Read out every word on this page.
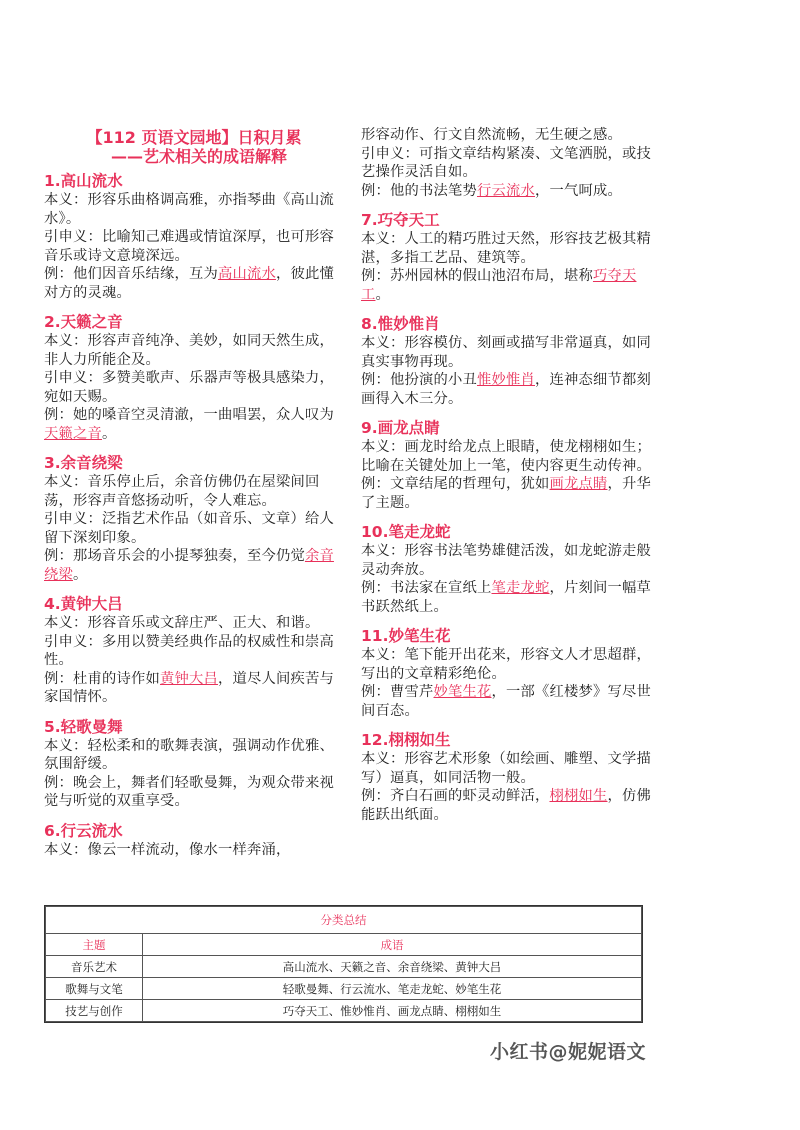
【112 页语文园地】日积月累
——艺术相关的成语解释
1.高山流水
本义：形容乐曲格调高雅，亦指琴曲《高山流水》。
引申义：比喻知己难遇或情谊深厚，也可形容音乐或诗文意境深远。
例：他们因音乐结缘，互为高山流水，彼此懂对方的灵魂。
2.天籁之音
本义：形容声音纯净、美妙，如同天然生成，非人力所能企及。
引申义：多赞美歌声、乐器声等极具感染力，宛如天赐。
例：她的嗓音空灵清澈，一曲唱罢，众人叹为天籁之音。
3.余音绕梁
本义：音乐停止后，余音仿佛仍在屋梁间回荡，形容声音悠扬动听，令人难忘。
引申义：泛指艺术作品（如音乐、文章）给人留下深刻印象。
例：那场音乐会的小提琴独奏，至今仍觉余音绕梁。
4.黄钟大吕
本义：形容音乐或文辞庄严、正大、和谐。
引申义：多用以赞美经典作品的权威性和崇高性。
例：杜甫的诗作如黄钟大吕，道尽人间疾苦与家国情怀。
5.轻歌曼舞
本义：轻松柔和的歌舞表演，强调动作优雅、氛围舒缓。
例：晚会上，舞者们轻歌曼舞，为观众带来视觉与听觉的双重享受。
6.行云流水
本义：像云一样流动，像水一样奔涌，
形容动作、行文自然流畅，无生硬之感。
引申义：可指文章结构紧凑、文笔洒脱，或技艺操作灵活自如。
例：他的书法笔势行云流水，一气呵成。
7.巧夺天工
本义：人工的精巧胜过天然，形容技艺极其精湛，多指工艺品、建筑等。
例：苏州园林的假山池沼布局，堪称巧夺天工。
8.惟妙惟肖
本义：形容模仿、刻画或描写非常逼真，如同真实事物再现。
例：他扮演的小丑惟妙惟肖，连神态细节都刻画得入木三分。
9.画龙点睛
本义：画龙时给龙点上眼睛，使龙栩栩如生；比喻在关键处加上一笔，使内容更生动传神。
例：文章结尾的哲理句，犹如画龙点睛，升华了主题。
10.笔走龙蛇
本义：形容书法笔势雄健活泼，如龙蛇游走般灵动奔放。
例：书法家在宣纸上笔走龙蛇，片刻间一幅草书跃然纸上。
11.妙笔生花
本义：笔下能开出花来，形容文人才思超群，写出的文章精彩绝伦。
例：曹雪芹妙笔生花，一部《红楼梦》写尽世间百态。
12.栩栩如生
本义：形容艺术形象（如绘画、雕塑、文学描写）逼真，如同活物一般。
例：齐白石画的虾灵动鲜活，栩栩如生，仿佛能跃出纸面。
分类总结	
主题	成语
音乐艺术	高山流水、天籁之音、余音绕梁、黄钟大吕
歌舞与文笔	轻歌曼舞、行云流水、笔走龙蛇、妙笔生花
技艺与创作	巧夺天工、惟妙惟肖、画龙点睛、栩栩如生
小红书@妮妮语文
